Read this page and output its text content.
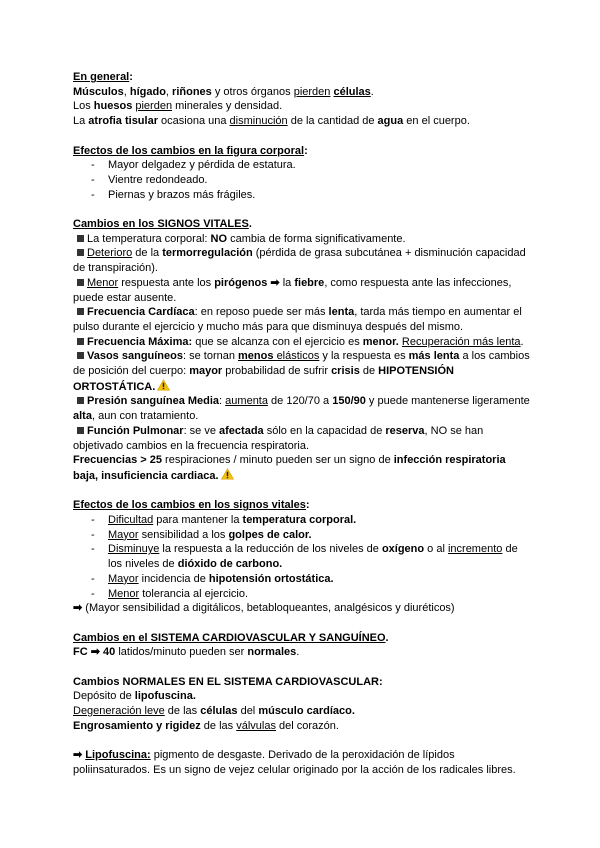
En general:

Músculos, hígado, riñones y otros órganos pierden células.

Los huesos pierden minerales y densidad.

La atrofia tisular ocasiona una disminución de la cantidad de agua en el cuerpo.

Efectos de los cambios en la figura corporal:

- Mayor delgadez y pérdida de estatura.
- Vientre redondeado.
- Piernas y brazos más frágiles.

Cambios en los SIGNOS VITALES.

La temperatura corporal: NO cambia de forma significativamente.

Deterioro de la termorregulación (pérdida de grasa subcutánea + disminución capacidad de transpiración).

Menor respuesta ante los pirógenos ➡ la fiebre, como respuesta ante las infecciones, puede estar ausente.

Frecuencia Cardíaca: en reposo puede ser más lenta, tarda más tiempo en aumentar el pulso durante el ejercicio y mucho más para que disminuya después del mismo.

Frecuencia Máxima: que se alcanza con el ejercicio es menor. Recuperación más lenta.

Vasos sanguíneos: se tornan menos elásticos y la respuesta es más lenta a los cambios de posición del cuerpo: mayor probabilidad de sufrir crisis de HIPOTENSIÓN ORTOSTÁTICA.

Presión sanguínea Media: aumenta de 120/70 a 150/90 y puede mantenerse ligeramente alta, aun con tratamiento.

Función Pulmonar: se ve afectada sólo en la capacidad de reserva, NO se han objetivado cambios en la frecuencia respiratoria.

Frecuencias > 25 respiraciones / minuto pueden ser un signo de infección respiratoria baja, insuficiencia cardiaca.

Efectos de los cambios en los signos vitales:

- Dificultad para mantener la temperatura corporal.
- Mayor sensibilidad a los golpes de calor.
- Disminuye la respuesta a la reducción de los niveles de oxígeno o al incremento de los niveles de dióxido de carbono.
- Mayor incidencia de hipotensión ortostática.
- Menor tolerancia al ejercicio.

➡ (Mayor sensibilidad a digitálicos, betabloqueantes, analgésicos y diuréticos)

Cambios en el SISTEMA CARDIOVASCULAR Y SANGUÍNEO.

FC ➡ 40 latidos/minuto pueden ser normales.

Cambios NORMALES EN EL SISTEMA CARDIOVASCULAR:

Depósito de lipofuscina.

Degeneración leve de las células del músculo cardíaco.

Engrosamiento y rigidez de las válvulas del corazón.

➡ Lipofuscina: pigmento de desgaste. Derivado de la peroxidación de lípidos poliinsaturados. Es un signo de vejez celular originado por la acción de los radicales libres.
